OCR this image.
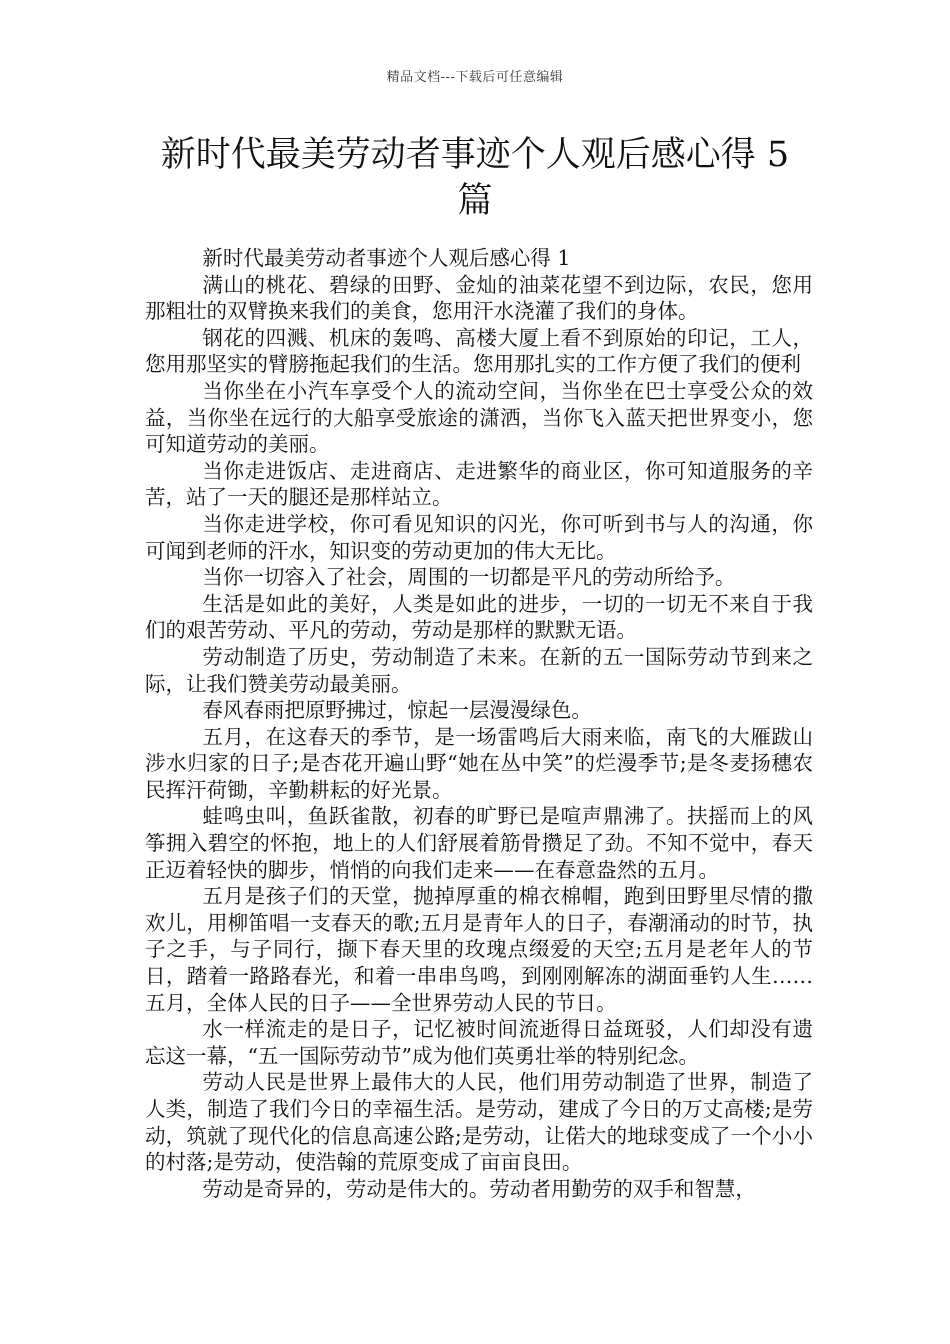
精品文档---下载后可任意编辑
新时代最美劳动者事迹个人观后感心得 5 篇

新时代最美劳动者事迹个人观后感心得 1

满山的桃花、碧绿的田野、金灿的油菜花望不到边际，农民，您用那粗壮的双臂换来我们的美食，您用汗水浇灌了我们的身体。

钢花的四溅、机床的轰鸣、高楼大厦上看不到原始的印记，工人，您用那坚实的臂膀拖起我们的生活。您用那扎实的工作方便了我们的便利

当你坐在小汽车享受个人的流动空间，当你坐在巴士享受公众的效益，当你坐在远行的大船享受旅途的潇洒，当你飞入蓝天把世界变小，您可知道劳动的美丽。

当你走进饭店、走进商店、走进繁华的商业区，你可知道服务的辛苦，站了一天的腿还是那样站立。

当你走进学校，你可看见知识的闪光，你可听到书与人的沟通，你可闻到老师的汗水，知识变的劳动更加的伟大无比。

当你一切容入了社会，周围的一切都是平凡的劳动所给予。

生活是如此的美好，人类是如此的进步，一切的一切无不来自于我们的艰苦劳动、平凡的劳动，劳动是那样的默默无语。

劳动制造了历史，劳动制造了未来。在新的五一国际劳动节到来之际，让我们赞美劳动最美丽。

春风春雨把原野拂过，惊起一层漫漫绿色。

五月，在这春天的季节，是一场雷鸣后大雨来临，南飞的大雁跋山涉水归家的日子;是杏花开遍山野“她在丛中笑”的烂漫季节;是冬麦扬穗农民挥汗荷锄，辛勤耕耘的好光景。

蛙鸣虫叫，鱼跃雀散，初春的旷野已是喧声鼎沸了。扶摇而上的风筝拥入碧空的怀抱，地上的人们舒展着筋骨攒足了劲。不知不觉中，春天正迈着轻快的脚步，悄悄的向我们走来——在春意盎然的五月。

五月是孩子们的天堂，抛掉厚重的棉衣棉帽，跑到田野里尽情的撒欢儿，用柳笛唱一支春天的歌;五月是青年人的日子，春潮涌动的时节，执子之手，与子同行，撷下春天里的玫瑰点缀爱的天空;五月是老年人的节日，踏着一路路春光，和着一串串鸟鸣，到刚刚解冻的湖面垂钓人生……五月，全体人民的日子——全世界劳动人民的节日。

水一样流走的是日子，记忆被时间流逝得日益斑驳，人们却没有遗忘这一幕，“五一国际劳动节”成为他们英勇壮举的特别纪念。

劳动人民是世界上最伟大的人民，他们用劳动制造了世界，制造了人类，制造了我们今日的幸福生活。是劳动，建成了今日的万丈高楼;是劳动，筑就了现代化的信息高速公路;是劳动，让偌大的地球变成了一个小小的村落;是劳动，使浩翰的荒原变成了亩亩良田。

劳动是奇异的，劳动是伟大的。劳动者用勤劳的双手和智慧，
